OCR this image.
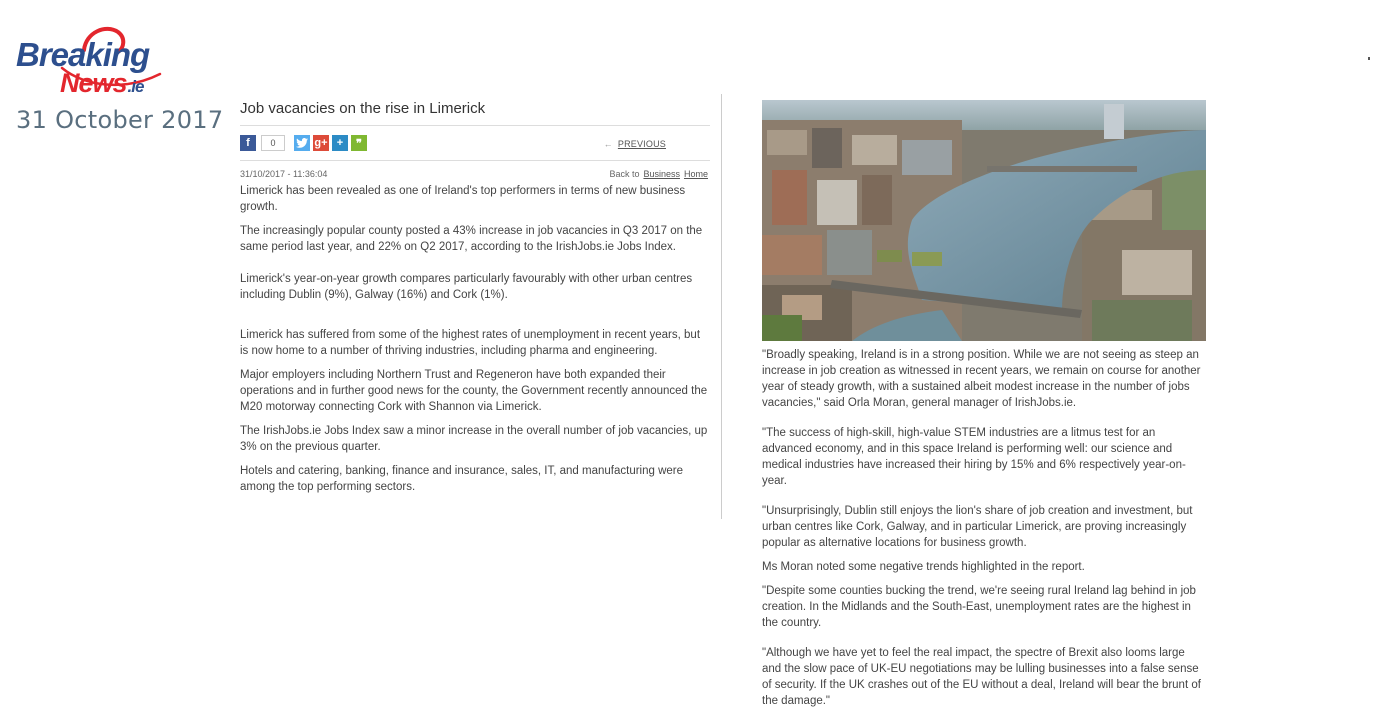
Breaking
News.ie
31 October 2017 Job vacancies on the rise in Limerick
f	0	g+ +	❞	← PREVIOUS
31/10/2017 - 11:36:04	Back to Business Home

Limerick has been revealed as one of Ireland's top performers in terms of new business growth.

The increasingly popular county posted a 43% increase in job vacancies in Q3 2017 on the same period last year, and 22% on Q2 2017, according to the IrishJobs.ie Jobs Index.

Limerick's year-on-year growth compares particularly favourably with other urban centres including Dublin (9%), Galway (16%) and Cork (1%).

Limerick has suffered from some of the highest rates of unemployment in recent years, but is now home to a number of thriving industries, including pharma and engineering.

Major employers including Northern Trust and Regeneron have both expanded their operations and in further good news for the county, the Government recently announced the M20 motorway connecting Cork with Shannon via Limerick.

The IrishJobs.ie Jobs Index saw a minor increase in the overall number of job vacancies, up 3% on the previous quarter.

Hotels and catering, banking, finance and insurance, sales, IT, and manufacturing were among the top performing sectors.

"Broadly speaking, Ireland is in a strong position. While we are not seeing as steep an increase in job creation as witnessed in recent years, we remain on course for another year of steady growth, with a sustained albeit modest increase in the number of jobs vacancies," said Orla Moran, general manager of IrishJobs.ie.

"The success of high-skill, high-value STEM industries are a litmus test for an advanced economy, and in this space Ireland is performing well: our science and medical industries have increased their hiring by 15% and 6% respectively year-on-year.

"Unsurprisingly, Dublin still enjoys the lion's share of job creation and investment, but urban centres like Cork, Galway, and in particular Limerick, are proving increasingly popular as alternative locations for business growth.

Ms Moran noted some negative trends highlighted in the report.

"Despite some counties bucking the trend, we're seeing rural Ireland lag behind in job creation. In the Midlands and the South-East, unemployment rates are the highest in the country.

"Although we have yet to feel the real impact, the spectre of Brexit also looms large and the slow pace of UK-EU negotiations may be lulling businesses into a false sense of security. If the UK crashes out of the EU without a deal, Ireland will bear the brunt of the damage."
